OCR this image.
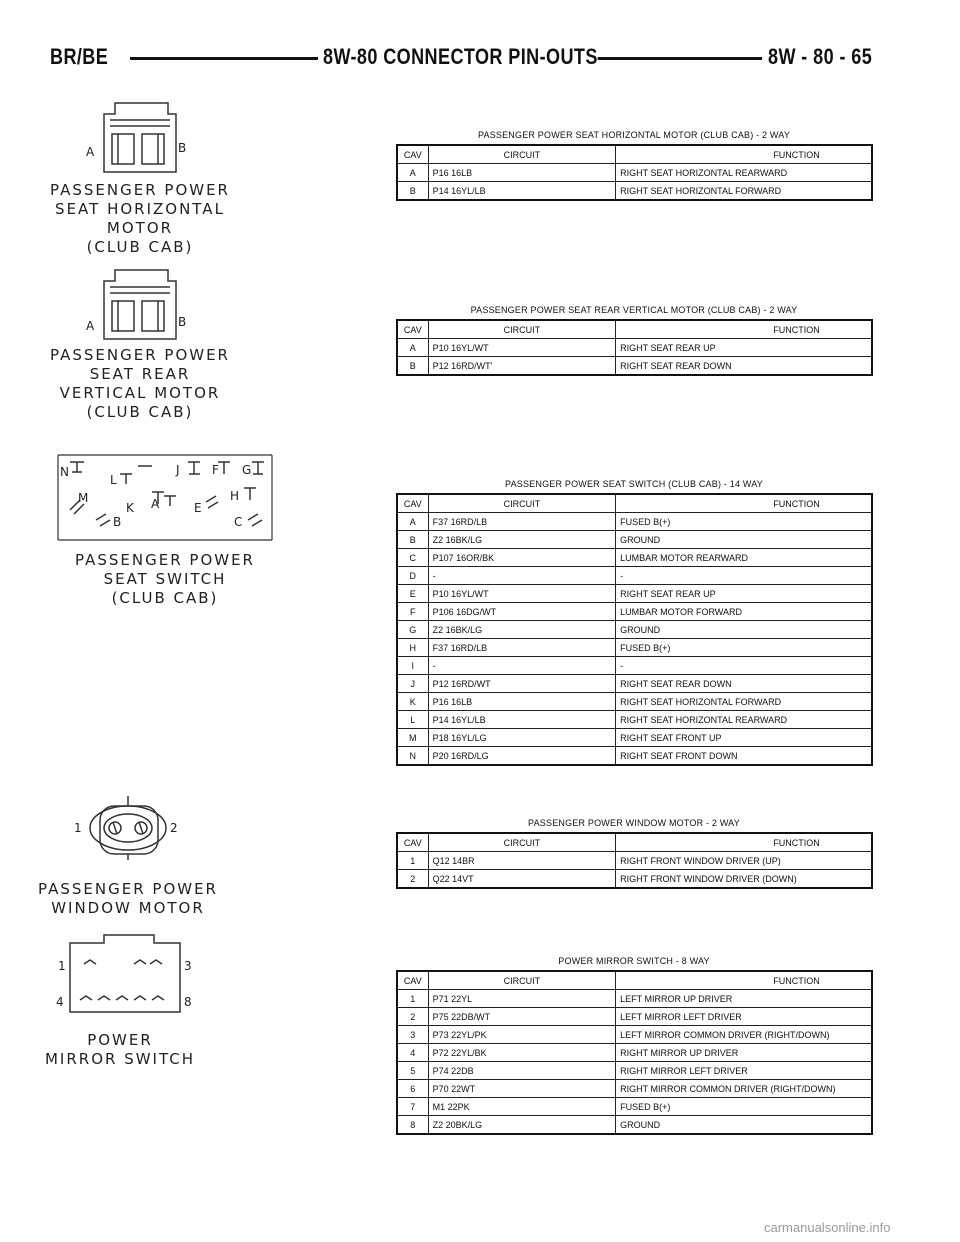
BR/BE	8W-80 CONNECTOR PIN-OUTS	8W - 80 - 65
A	B
A	B
N
L
J	F G
M
K A
H
E
B	C
1	2
1	3
4	8
PASSENGER POWER
SEAT HORIZONTAL
MOTOR
(CLUB CAB)
PASSENGER POWER
SEAT REAR
VERTICAL MOTOR
(CLUB CAB)
PASSENGER POWER
SEAT SWITCH
(CLUB CAB)
PASSENGER POWER
WINDOW MOTOR
POWER
MIRROR SWITCH
PASSENGER POWER SEAT HORIZONTAL MOTOR (CLUB CAB) - 2 WAY
CAV	CIRCUIT	FUNCTION
A	P16 16LB	RIGHT SEAT HORIZONTAL REARWARD
B	P14 16YL/LB	RIGHT SEAT HORIZONTAL FORWARD
PASSENGER POWER SEAT REAR VERTICAL MOTOR (CLUB CAB) - 2 WAY
CAV	CIRCUIT	FUNCTION
A	P10 16YL/WT	RIGHT SEAT REAR UP
B	P12 16RD/WT'	RIGHT SEAT REAR DOWN
PASSENGER POWER SEAT SWITCH (CLUB CAB) - 14 WAY
CAV	CIRCUIT	FUNCTION
A	F37 16RD/LB	FUSED B(+)
B	Z2 16BK/LG	GROUND
C	P107 16OR/BK	LUMBAR MOTOR REARWARD
D	-	-
E	P10 16YL/WT	RIGHT SEAT REAR UP
F	P106 16DG/WT	LUMBAR MOTOR FORWARD
G	Z2 16BK/LG	GROUND
H	F37 16RD/LB	FUSED B(+)
I	-	-
J	P12 16RD/WT	RIGHT SEAT REAR DOWN
K	P16 16LB	RIGHT SEAT HORIZONTAL FORWARD
L	P14 16YL/LB	RIGHT SEAT HORIZONTAL REARWARD
M	P18 16YL/LG	RIGHT SEAT FRONT UP
N	P20 16RD/LG	RIGHT SEAT FRONT DOWN
PASSENGER POWER WINDOW MOTOR - 2 WAY
CAV	CIRCUIT	FUNCTION
1	Q12 14BR	RIGHT FRONT WINDOW DRIVER (UP)
2	Q22 14VT	RIGHT FRONT WINDOW DRIVER (DOWN)
POWER MIRROR SWITCH - 8 WAY
CAV	CIRCUIT	FUNCTION
1	P71 22YL	LEFT MIRROR UP DRIVER
2	P75 22DB/WT	LEFT MIRROR LEFT DRIVER
3	P73 22YL/PK	LEFT MIRROR COMMON DRIVER (RIGHT/DOWN)
4	P72 22YL/BK	RIGHT MIRROR UP DRIVER
5	P74 22DB	RIGHT MIRROR LEFT DRIVER
6	P70 22WT	RIGHT MIRROR COMMON DRIVER (RIGHT/DOWN)
7	M1 22PK	FUSED B(+)
8	Z2 20BK/LG	GROUND
carmanualsonline.info
